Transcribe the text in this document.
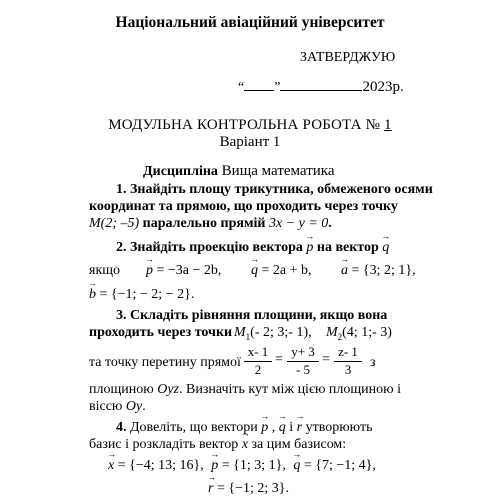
Національний авіаційний університет
ЗАТВЕРДЖУЮ
“ ”	2023р.
МОДУЛЬНА КОНТРОЛЬНА РОБОТА № 1
Варіант 1
Дисципліна Вища математика
1. Знайдіть площу трикутника, обмеженого осями
координат та прямою, що проходить через точку
M(2; –5) паралельно прямій 3x − y = 0.
2. Знайдіть проекцію вектора → p на вектор → q
якщо → p = −3a − 2b, → q = 2a + b, → a = {3; 2; 1},
→ b = {−1; − 2; − 2}.
3. Складіть рівняння площини, якщо вона
проходить через точки $M_1(-$ 2; 3;- 1), $M_2(4$; 1;- 3)
та точку перетину прямої
x- 1
2
=
y+ 3
- 5
=
z- 1
3	з
площиною Oyz. Визначіть кут між цією площиною і
віссю Oy.
4. Довеліть, що вектори → p , → q і → r утворюють
базис і розкладіть вектор → x за цим базисом:
→ x = {−4; 13; 16}, → p = {1; 3; 1}, → q = {7; −1; 4},
→ r = {−1; 2; 3}.
